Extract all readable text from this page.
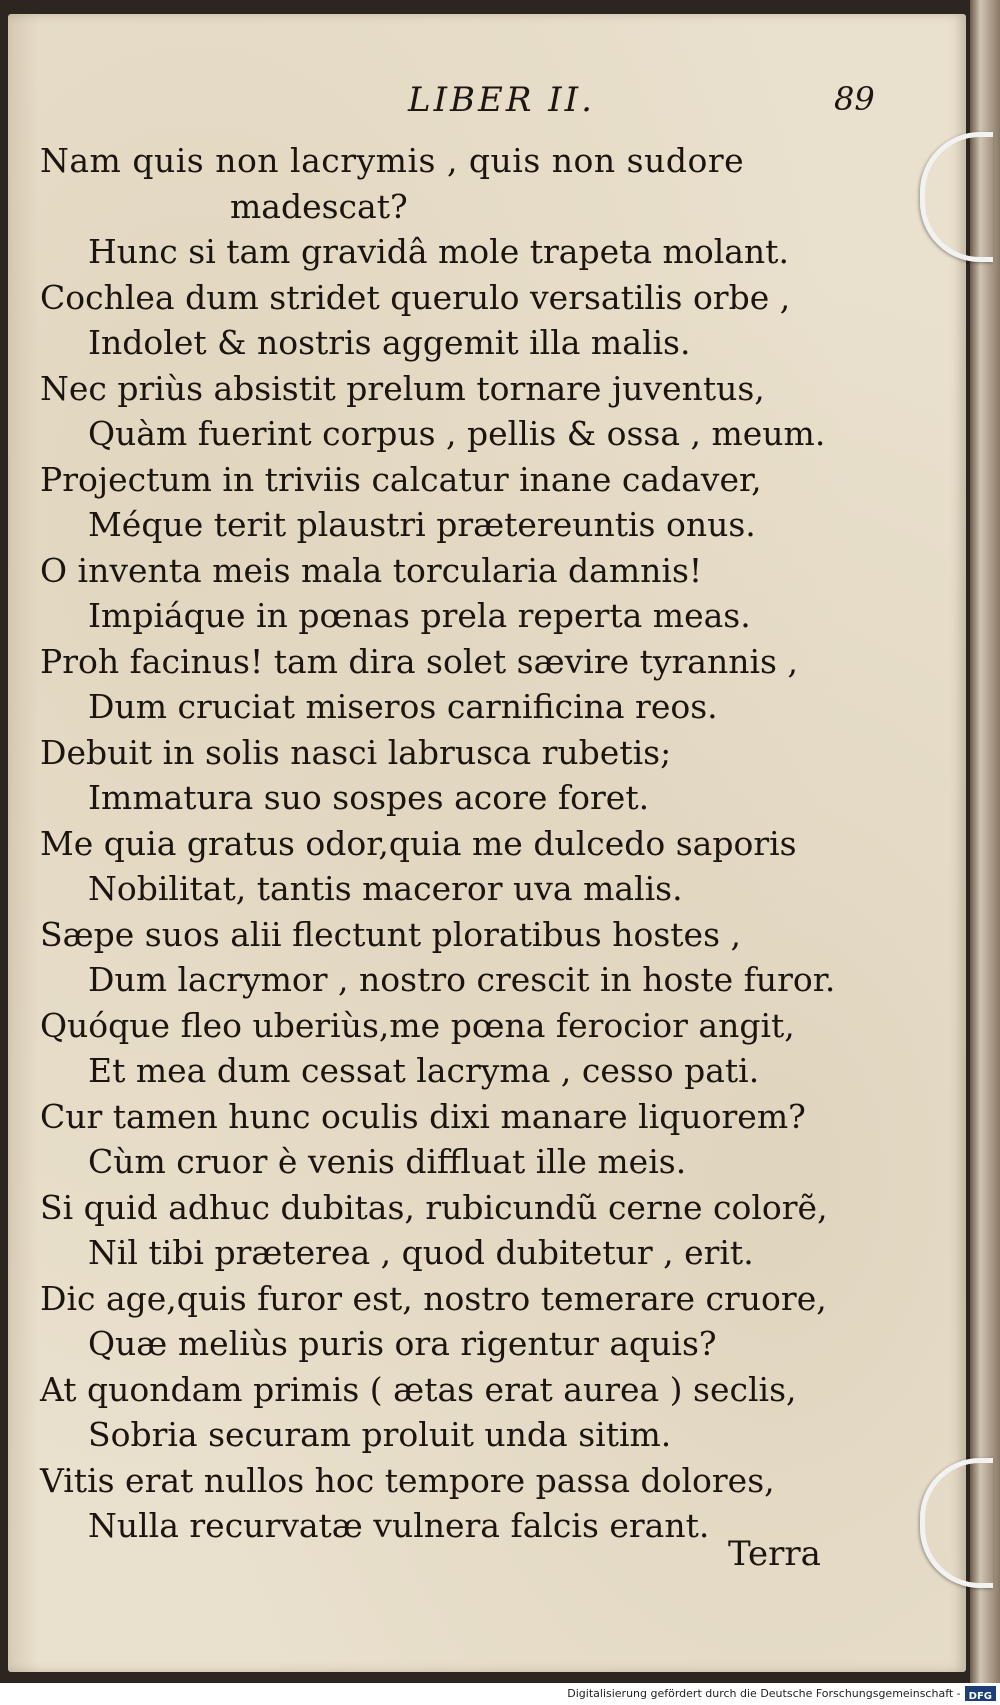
LIBER II.	89
Nam quis non lacrymis , quis non sudore
madescat?
Hunc si tam gravidâ mole trapeta molant.
Cochlea dum stridet querulo versatilis orbe ,
Indolet & nostris aggemit illa malis.
Nec priùs absistit prelum tornare juventus,
Quàm fuerint corpus , pellis & ossa , meum.
Projectum in triviis calcatur inane cadaver,
Méque terit plaustri prætereuntis onus.
O inventa meis mala torcularia damnis!
Impiáque in pœnas prela reperta meas.
Proh facinus! tam dira solet sævire tyrannis ,
Dum cruciat miseros carnificina reos.
Debuit in solis nasci labrusca rubetis;
Immatura suo sospes acore foret.
Me quia gratus odor,quia me dulcedo saporis
Nobilitat, tantis maceror uva malis.
Sæpe suos alii flectunt ploratibus hostes ,
Dum lacrymor , nostro crescit in hoste furor.
Quóque fleo uberiùs,me pœna ferocior angit,
Et mea dum cessat lacryma , cesso pati.
Cur tamen hunc oculis dixi manare liquorem?
Cùm cruor è venis diffluat ille meis.
Si quid adhuc dubitas, rubicundũ cerne colorẽ,
Nil tibi præterea , quod dubitetur , erit.
Dic age,quis furor est, nostro temerare cruore,
Quæ meliùs puris ora rigentur aquis?
At quondam primis ( ætas erat aurea ) seclis,
Sobria securam proluit unda sitim.
Vitis erat nullos hoc tempore passa dolores,
Nulla recurvatæ vulnera falcis erant.
Terra
Digitalisierung gefördert durch die Deutsche Forschungsgemeinschaft - DFG
